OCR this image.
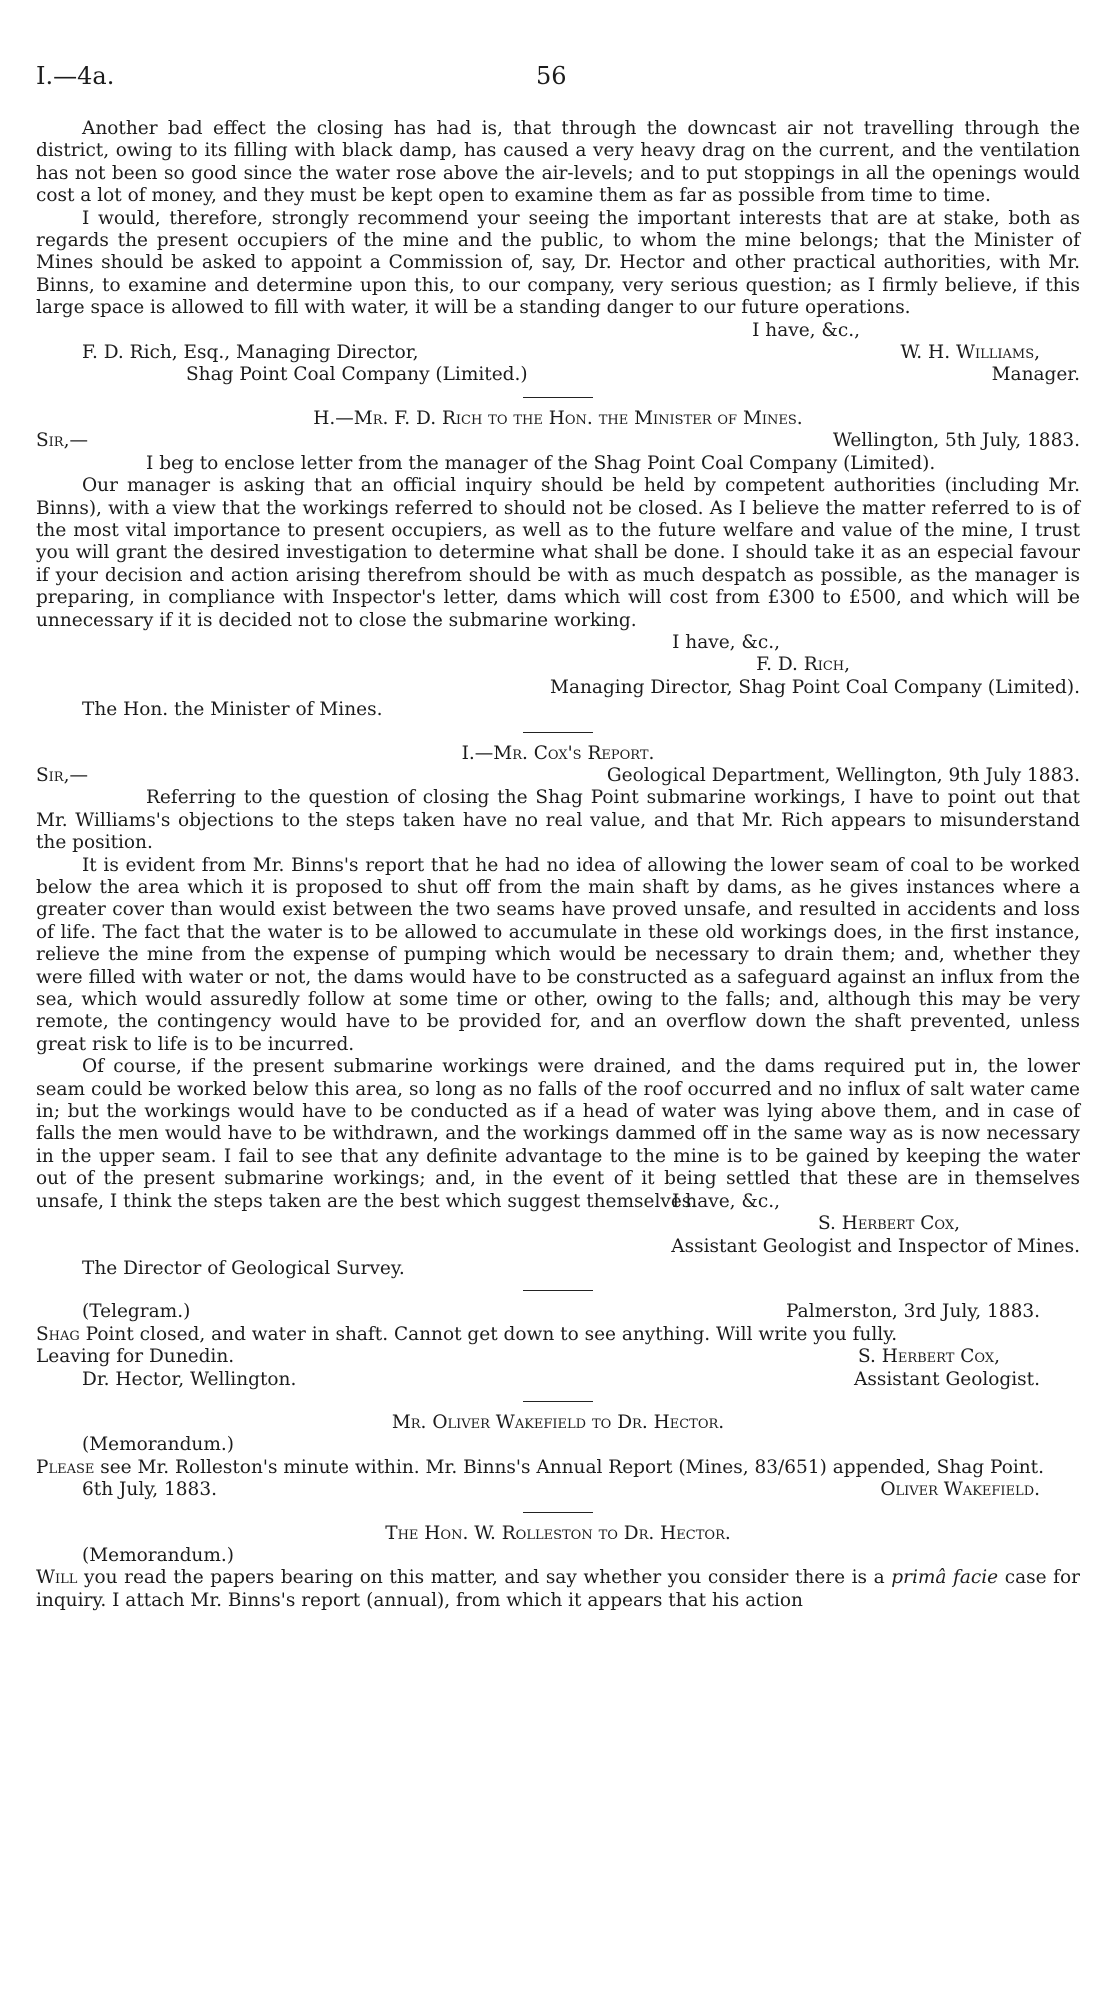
I.—4a.	56

Another bad effect the closing has had is, that through the downcast air not travelling through the district, owing to its filling with black damp, has caused a very heavy drag on the current, and the ventilation has not been so good since the water rose above the air-levels; and to put stoppings in all the openings would cost a lot of money, and they must be kept open to examine them as far as possible from time to time.

I would, therefore, strongly recommend your seeing the important interests that are at stake, both as regards the present occupiers of the mine and the public, to whom the mine belongs; that the Minister of Mines should be asked to appoint a Commission of, say, Dr. Hector and other practical authorities, with Mr. Binns, to examine and determine upon this, to our company, very serious question; as I firmly believe, if this large space is allowed to fill with water, it will be a standing danger to our future operations.

I have, &c.,

F. D. Rich, Esq., Managing Director,	W. H. Williams,
Shag Point Coal Company (Limited.)	Manager.

H.—Mr. F. D. Rich to the Hon. the Minister of Mines.

Sir,—	Wellington, 5th July, 1883.

I beg to enclose letter from the manager of the Shag Point Coal Company (Limited).

Our manager is asking that an official inquiry should be held by competent authorities (including Mr. Binns), with a view that the workings referred to should not be closed. As I believe the matter referred to is of the most vital importance to present occupiers, as well as to the future welfare and value of the mine, I trust you will grant the desired investigation to determine what shall be done. I should take it as an especial favour if your decision and action arising therefrom should be with as much despatch as possible, as the manager is preparing, in compliance with Inspector's letter, dams which will cost from £300 to £500, and which will be unnecessary if it is decided not to close the submarine working.

I have, &c.,

F. D. Rich,

Managing Director, Shag Point Coal Company (Limited).

The Hon. the Minister of Mines.

I.—Mr. Cox's Report.

Sir,—	Geological Department, Wellington, 9th July 1883.

Referring to the question of closing the Shag Point submarine workings, I have to point out that Mr. Williams's objections to the steps taken have no real value, and that Mr. Rich appears to misunderstand the position.

It is evident from Mr. Binns's report that he had no idea of allowing the lower seam of coal to be worked below the area which it is proposed to shut off from the main shaft by dams, as he gives instances where a greater cover than would exist between the two seams have proved unsafe, and resulted in accidents and loss of life. The fact that the water is to be allowed to accumulate in these old workings does, in the first instance, relieve the mine from the expense of pumping which would be necessary to drain them; and, whether they were filled with water or not, the dams would have to be constructed as a safeguard against an influx from the sea, which would assuredly follow at some time or other, owing to the falls; and, although this may be very remote, the contingency would have to be provided for, and an overflow down the shaft prevented, unless great risk to life is to be incurred.

Of course, if the present submarine workings were drained, and the dams required put in, the lower seam could be worked below this area, so long as no falls of the roof occurred and no influx of salt water came in; but the workings would have to be conducted as if a head of water was lying above them, and in case of falls the men would have to be withdrawn, and the workings dammed off in the same way as is now necessary in the upper seam. I fail to see that any definite advantage to the mine is to be gained by keeping the water out of the present submarine workings; and, in the event of it being settled that these are in themselves unsafe, I think the steps taken are the best which suggest themselves.

I have, &c.,

S. Herbert Cox,

Assistant Geologist and Inspector of Mines.

The Director of Geological Survey.

(Telegram.)	Palmerston, 3rd July, 1883.

Shag Point closed, and water in shaft. Cannot get down to see anything. Will write you fully.

Leaving for Dunedin.	S. Herbert Cox,
Dr. Hector, Wellington.	Assistant Geologist.

Mr. Oliver Wakefield to Dr. Hector.

(Memorandum.)

Please see Mr. Rolleston's minute within. Mr. Binns's Annual Report (Mines, 83/651) appended, Shag Point.

6th July, 1883.	Oliver Wakefield.

The Hon. W. Rolleston to Dr. Hector.

(Memorandum.)

Will you read the papers bearing on this matter, and say whether you consider there is a primâ facie case for inquiry. I attach Mr. Binns's report (annual), from which it appears that his action
